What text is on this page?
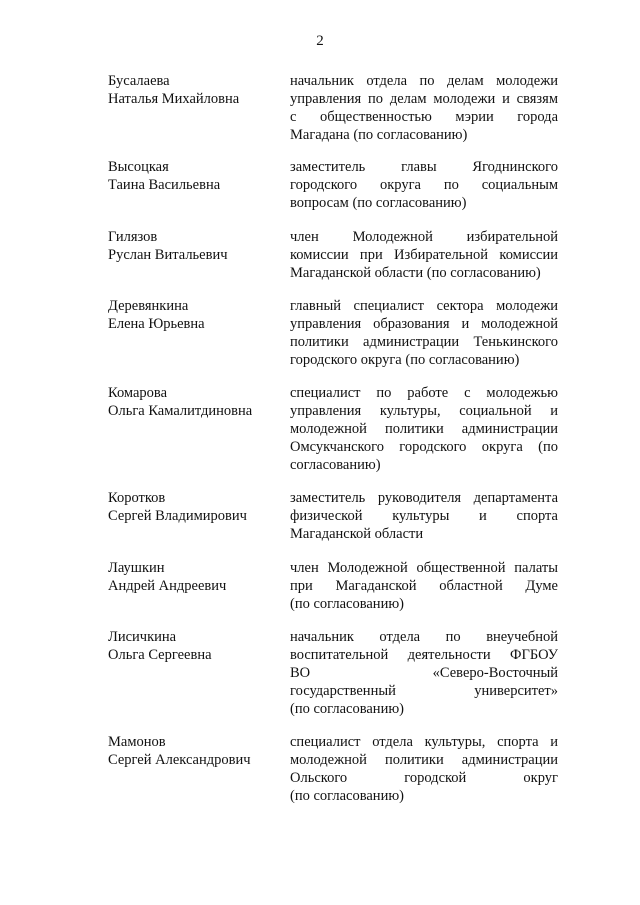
2
Бусалаева
Наталья Михайловна
начальник отдела по делам молодежи
управления по делам молодежи и связям
с общественностью мэрии города
Магадана (по согласованию)
Высоцкая
Таина Васильевна
заместитель главы Ягоднинского
городского округа по социальным
вопросам (по согласованию)
Гилязов
Руслан Витальевич
член Молодежной избирательной
комиссии при Избирательной комиссии
Магаданской области (по согласованию)
Деревянкина
Елена Юрьевна
главный специалист сектора молодежи
управления образования и молодежной
политики администрации Тенькинского
городского округа (по согласованию)
Комарова
Ольга Камалитдиновна
специалист по работе с молодежью
управления культуры, социальной и
молодежной политики администрации
Омсукчанского городского округа (по
согласованию)
Коротков
Сергей Владимирович
заместитель руководителя департамента
физической культуры и спорта
Магаданской области
Лаушкин
Андрей Андреевич
член Молодежной общественной палаты
при Магаданской областной Думе
(по согласованию)
Лисичкина
Ольга Сергеевна
начальник отдела по внеучебной
воспитательной деятельности ФГБОУ
ВО «Северо-Восточный
государственный университет»
(по согласованию)
Мамонов
Сергей Александрович
специалист отдела культуры, спорта и
молодежной политики администрации
Ольского городской округ
(по согласованию)
